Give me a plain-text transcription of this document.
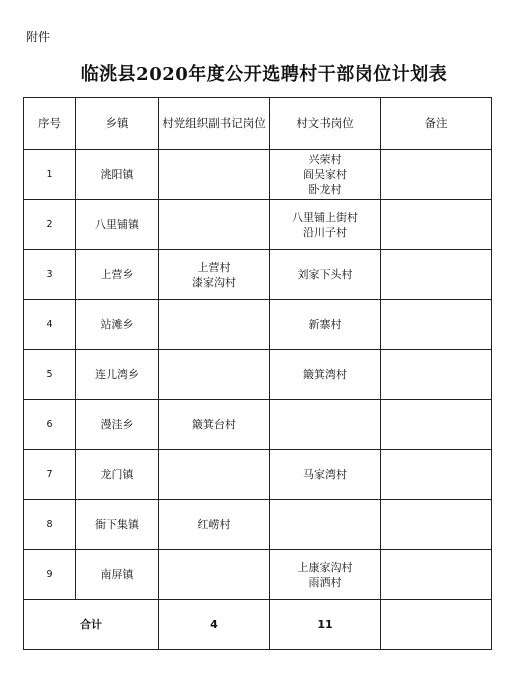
附件
临洮县2020年度公开选聘村干部岗位计划表
序号	乡镇	村党组织副书记岗位	村文书岗位	备注
1	洮阳镇		兴荣村
阎吴家村
卧龙村	

2	八里铺镇		八里铺上街村
沿川子村	

3	上营乡	上营村
漆家沟村	刘家下头村	

4	站滩乡		新寨村	

5	连儿湾乡		簸箕湾村	

6	漫洼乡	簸箕台村		

7	龙门镇		马家湾村	

8	衙下集镇	红崂村		

9	南屏镇		上康家沟村
雨洒村	

合计		4	11	
